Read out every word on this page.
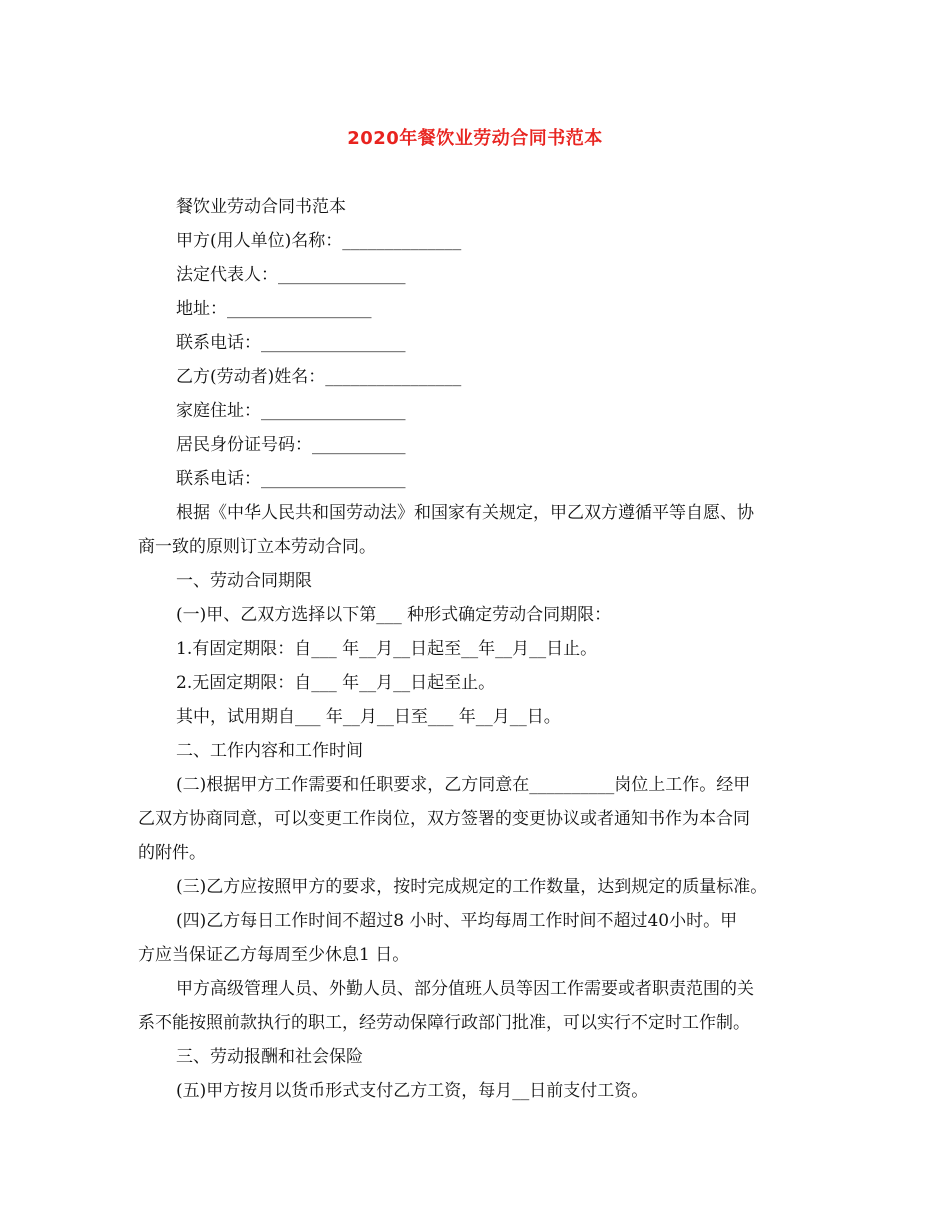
2020年餐饮业劳动合同书范本

餐饮业劳动合同书范本

甲方(用人单位)名称：______________

法定代表人：_______________

地址：_________________

联系电话：_________________

乙方(劳动者)姓名：________________

家庭住址：_________________

居民身份证号码：___________

联系电话：_________________

根据《中华人民共和国劳动法》和国家有关规定，甲乙双方遵循平等自愿、协

商一致的原则订立本劳动合同。

一、劳动合同期限

(一)甲、乙双方选择以下第___ 种形式确定劳动合同期限：

1.有固定期限：自___ 年__月__日起至__年__月__日止。

2.无固定期限：自___ 年__月__日起至止。

其中，试用期自___ 年__月__日至___ 年__月__日。

二、工作内容和工作时间

(二)根据甲方工作需要和任职要求，乙方同意在__________岗位上工作。经甲

乙双方协商同意，可以变更工作岗位，双方签署的变更协议或者通知书作为本合同

的附件。

(三)乙方应按照甲方的要求，按时完成规定的工作数量，达到规定的质量标准。

(四)乙方每日工作时间不超过8 小时、平均每周工作时间不超过40小时。甲

方应当保证乙方每周至少休息1 日。

甲方高级管理人员、外勤人员、部分值班人员等因工作需要或者职责范围的关

系不能按照前款执行的职工，经劳动保障行政部门批准，可以实行不定时工作制。

三、劳动报酬和社会保险

(五)甲方按月以货币形式支付乙方工资，每月__日前支付工资。
